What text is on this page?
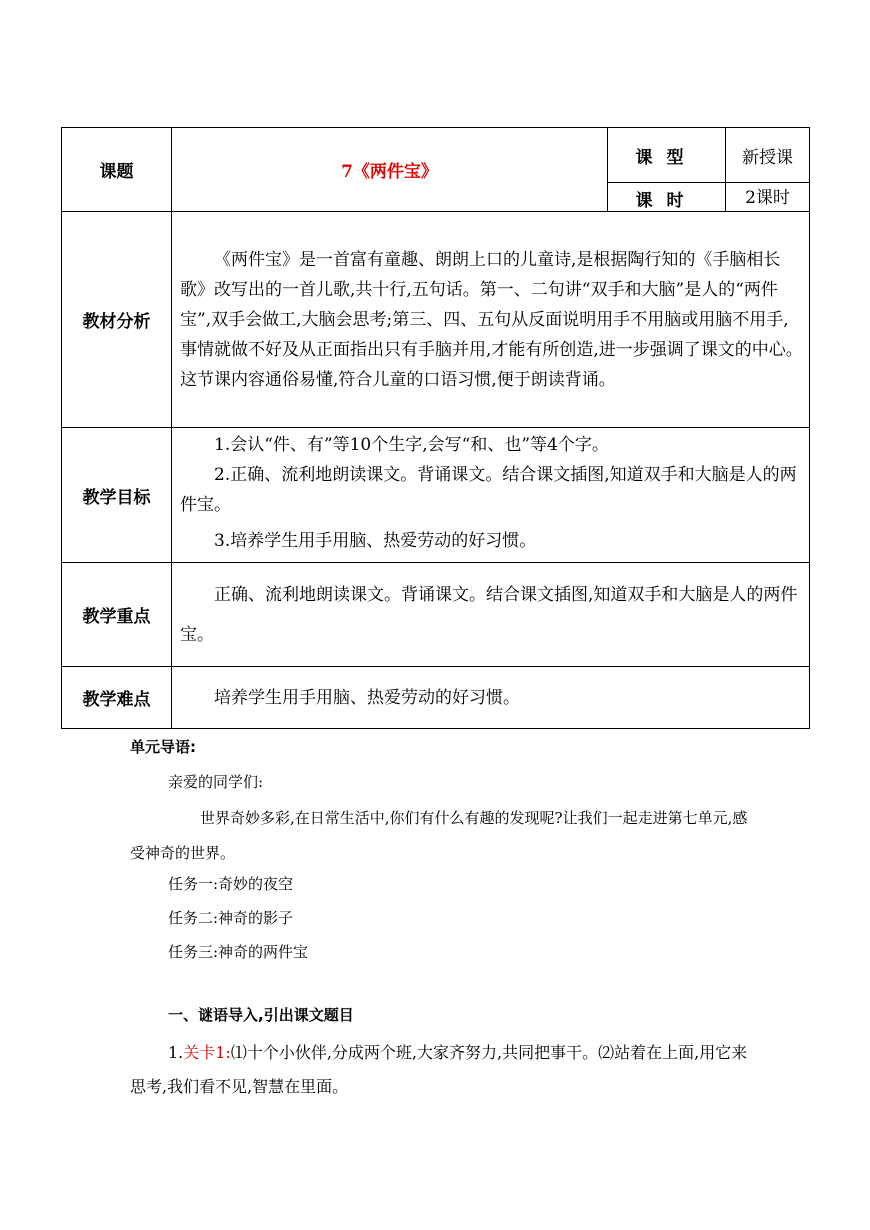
课题	7《两件宝》	课型	新授课
		课时	2课时
教材分析	《两件宝》是一首富有童趣、朗朗上口的儿童诗,是根据陶行知的《手脑相长歌》改写出的一首儿歌,共十行,五句话。第一、二句讲“双手和大脑”是人的“两件宝”,双手会做工,大脑会思考;第三、四、五句从反面说明用手不用脑或用脑不用手,事情就做不好及从正面指出只有手脑并用,才能有所创造,进一步强调了课文的中心。这节课内容通俗易懂,符合儿童的口语习惯,便于朗读背诵。		

教学目标	1.会认“件、有”等10个生字,会写“和、也”等4个字。

2.正确、流利地朗读课文。背诵课文。结合课文插图,知道双手和大脑是人的两件宝。

3.培养学生用手用脑、热爱劳动的好习惯。		

教学重点	正确、流利地朗读课文。背诵课文。结合课文插图,知道双手和大脑是人的两件宝。		

教学难点	培养学生用手用脑、热爱劳动的好习惯。		

单元导语:
亲爱的同学们:
世界奇妙多彩,在日常生活中,你们有什么有趣的发现呢?让我们一起走进第七单元,感受神奇的世界。
任务一:奇妙的夜空
任务二:神奇的影子
任务三:神奇的两件宝
一、谜语导入,引出课文题目
1.关卡1:⑴十个小伙伴,分成两个班,大家齐努力,共同把事干。⑵站着在上面,用它来思考,我们看不见,智慧在里面。
